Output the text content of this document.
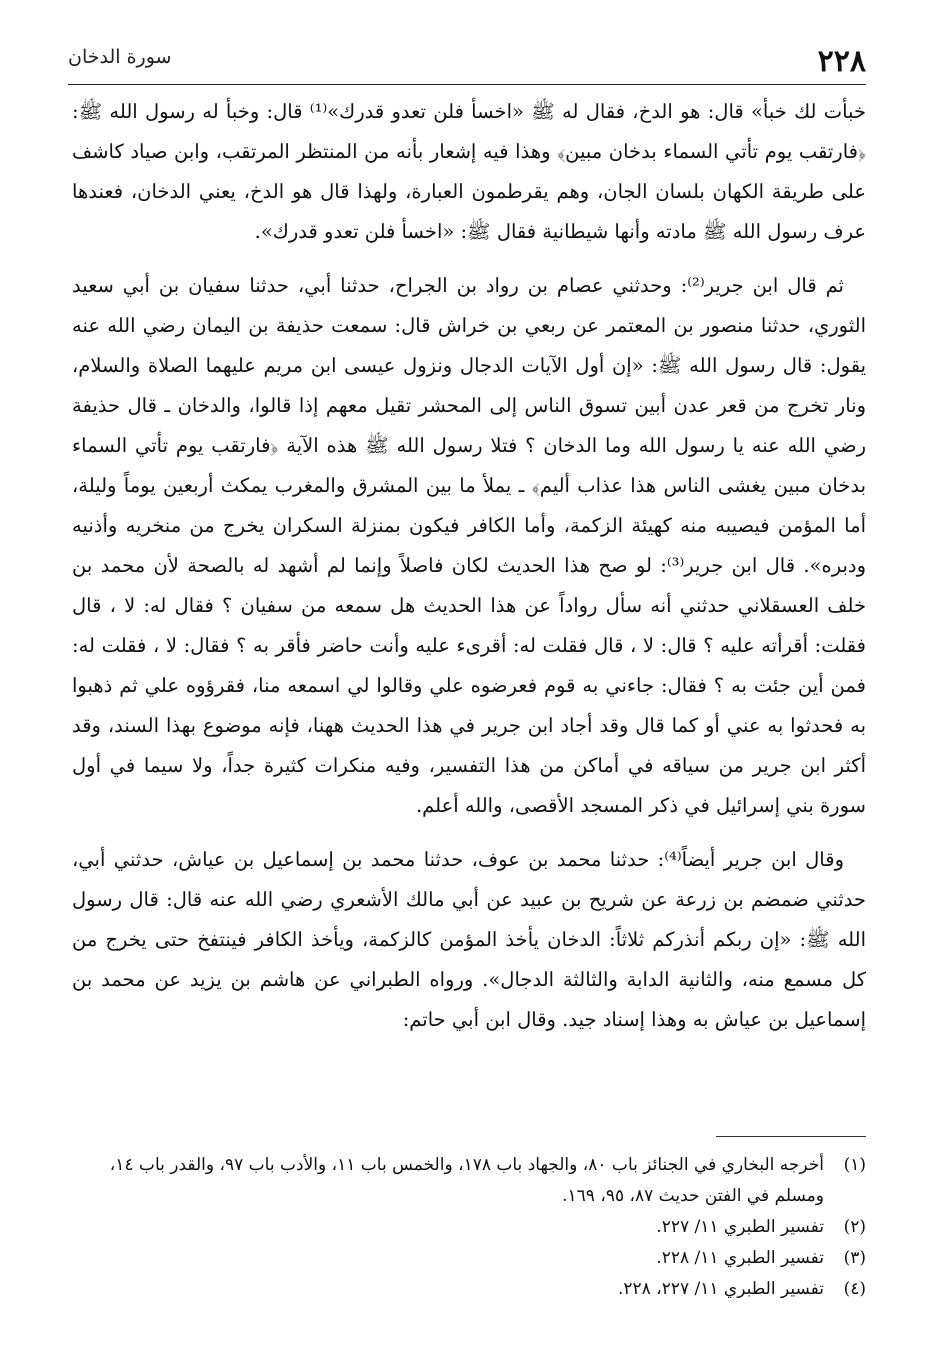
سورة الدخان	٢٢٨

خبأت لك خبأ» قال: هو الدخ، فقال له ﷺ «اخسأ فلن تعدو قدرك»⁽¹⁾ قال: وخبأ له رسول الله ﷺ: ﴿فارتقب يوم تأتي السماء بدخان مبين﴾ وهذا فيه إشعار بأنه من المنتظر المرتقب، وابن صياد كاشف على طريقة الكهان بلسان الجان، وهم يقرطمون العبارة، ولهذا قال هو الدخ، يعني الدخان، فعندها عرف رسول الله ﷺ مادته وأنها شيطانية فقال ﷺ: «اخسأ فلن تعدو قدرك».

ثم قال ابن جرير⁽²⁾: وحدثني عصام بن رواد بن الجراح، حدثنا أبي، حدثنا سفيان بن أبي سعيد الثوري، حدثنا منصور بن المعتمر عن ربعي بن خراش قال: سمعت حذيفة بن اليمان رضي الله عنه يقول: قال رسول الله ﷺ: «إن أول الآيات الدجال ونزول عيسى ابن مريم عليهما الصلاة والسلام، ونار تخرج من قعر عدن أبين تسوق الناس إلى المحشر تقيل معهم إذا قالوا، والدخان ـ قال حذيفة رضي الله عنه يا رسول الله وما الدخان ؟ فتلا رسول الله ﷺ هذه الآية ﴿فارتقب يوم تأتي السماء بدخان مبين يغشى الناس هذا عذاب أليم﴾ ـ يملأ ما بين المشرق والمغرب يمكث أربعين يوماً وليلة، أما المؤمن فيصيبه منه كهيئة الزكمة، وأما الكافر فيكون بمنزلة السكران يخرج من منخريه وأذنيه ودبره». قال ابن جرير⁽³⁾: لو صح هذا الحديث لكان فاصلاً وإنما لم أشهد له بالصحة لأن محمد بن خلف العسقلاني حدثني أنه سأل رواداً عن هذا الحديث هل سمعه من سفيان ؟ فقال له: لا ، قال فقلت: أقرأته عليه ؟ قال: لا ، قال فقلت له: أقرىء عليه وأنت حاضر فأقر به ؟ فقال: لا ، فقلت له: فمن أين جئت به ؟ فقال: جاءني به قوم فعرضوه علي وقالوا لي اسمعه منا، فقرؤوه علي ثم ذهبوا به فحدثوا به عني أو كما قال وقد أجاد ابن جرير في هذا الحديث ههنا، فإنه موضوع بهذا السند، وقد أكثر ابن جرير من سياقه في أماكن من هذا التفسير، وفيه منكرات كثيرة جداً، ولا سيما في أول سورة بني إسرائيل في ذكر المسجد الأقصى، والله أعلم.

وقال ابن جرير أيضاً⁽⁴⁾: حدثنا محمد بن عوف، حدثنا محمد بن إسماعيل بن عياش، حدثني أبي، حدثني ضمضم بن زرعة عن شريح بن عبيد عن أبي مالك الأشعري رضي الله عنه قال: قال رسول الله ﷺ: «إن ربكم أنذركم ثلاثاً: الدخان يأخذ المؤمن كالزكمة، ويأخذ الكافر فينتفخ حتى يخرج من كل مسمع منه، والثانية الدابة والثالثة الدجال». ورواه الطبراني عن هاشم بن يزيد عن محمد بن إسماعيل بن عياش به وهذا إسناد جيد. وقال ابن أبي حاتم:

(١)
أخرجه البخاري في الجنائز باب ٨٠، والجهاد باب ١٧٨، والخمس باب ١١، والأدب باب ٩٧، والقدر باب ١٤، ومسلم في الفتن حديث ٨٧، ٩٥، ١٦٩.
(٢)
تفسير الطبري ١١/ ٢٢٧.
(٣)
تفسير الطبري ١١/ ٢٢٨.
(٤)
تفسير الطبري ١١/ ٢٢٧، ٢٢٨.
